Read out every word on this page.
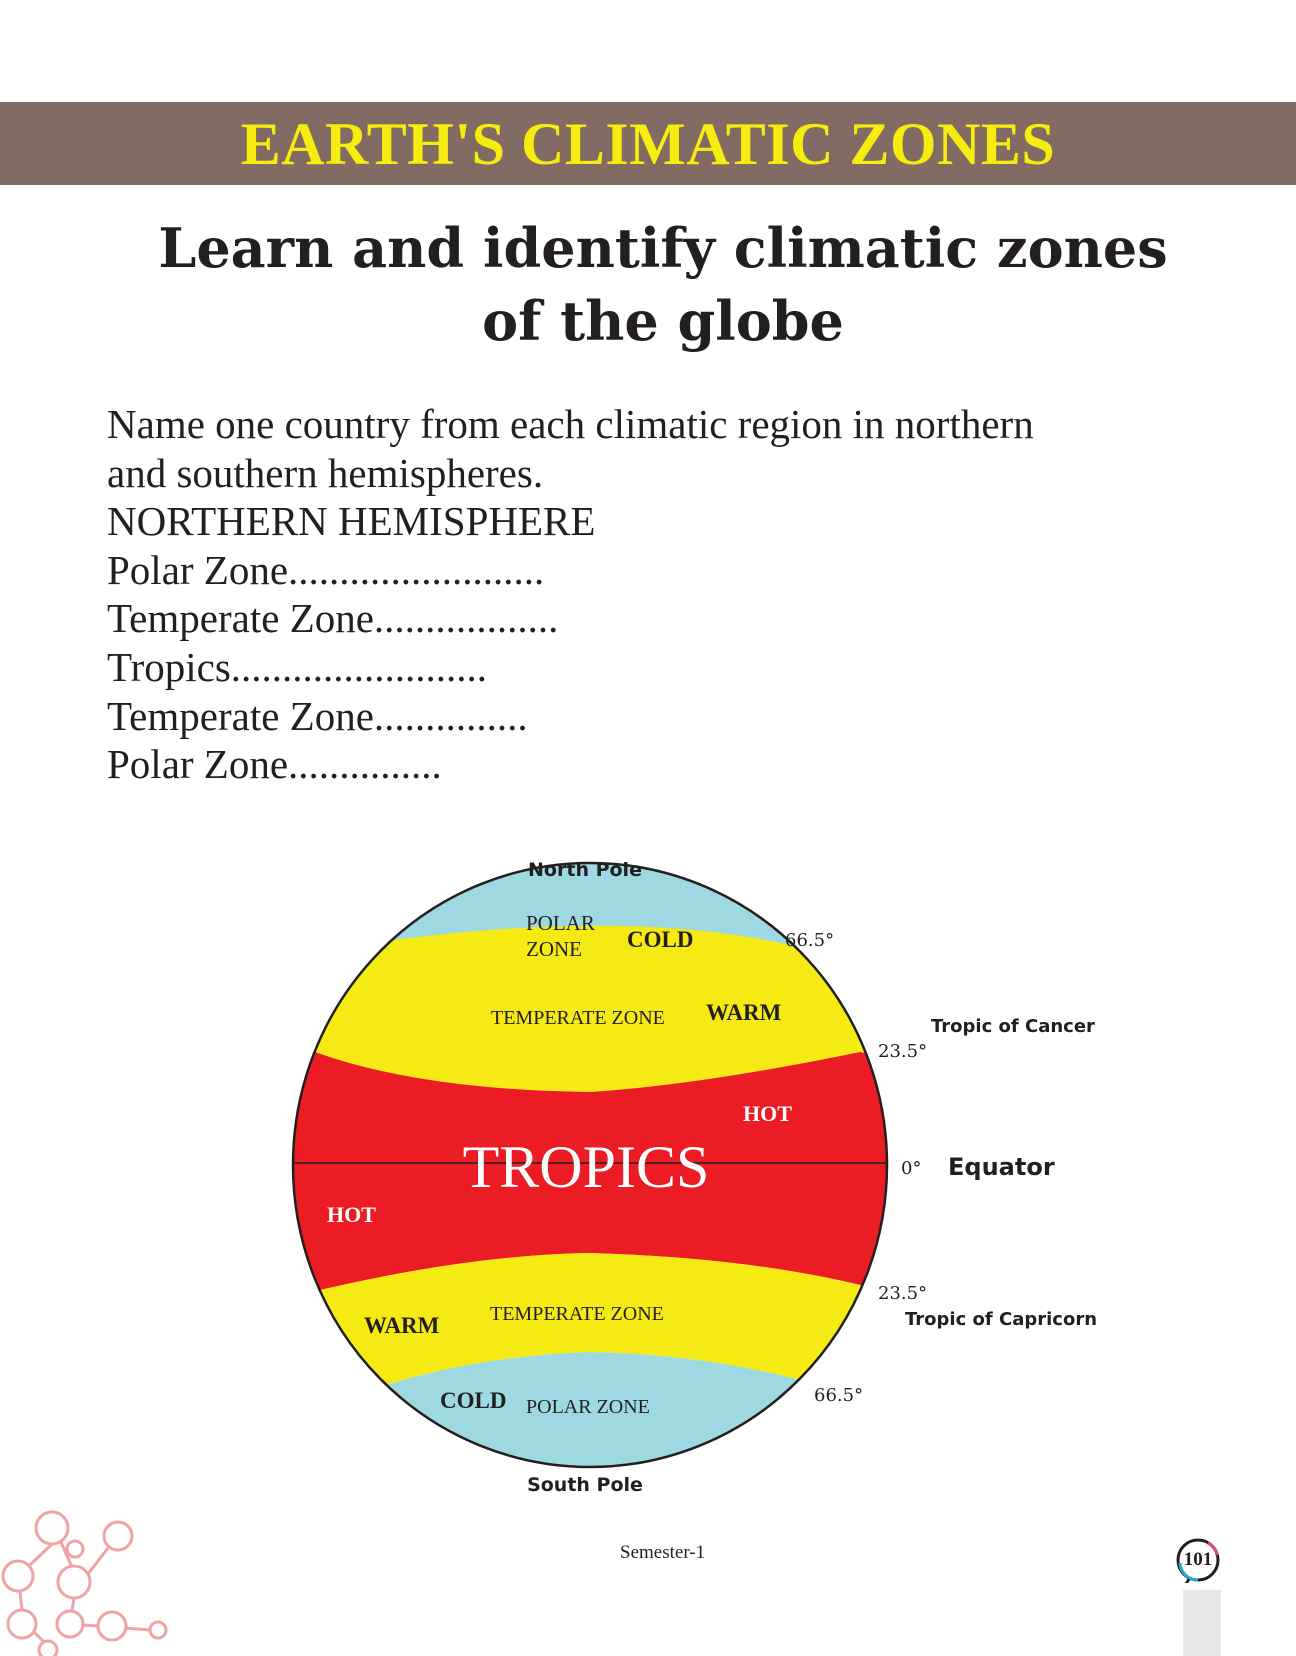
EARTH'S CLIMATIC ZONES
Learn and identify climatic zones
of the globe
Name one country from each climatic region in northern
and southern hemispheres.
NORTHERN HEMISPHERE
Polar Zone.........................
Temperate Zone..................
Tropics.........................
Temperate Zone...............
Polar Zone...............
North Pole
South Pole
POLAR
ZONE COLD
TEMPERATE ZONE WARM
HOT
TROPICS
HOT
TEMPERATE ZONE
WARM
COLD POLAR ZONE
66.5°
23.5°
0°
23.5°
66.5°
Tropic of Cancer
Equator
Tropic of Capricorn
Semester-1	101
